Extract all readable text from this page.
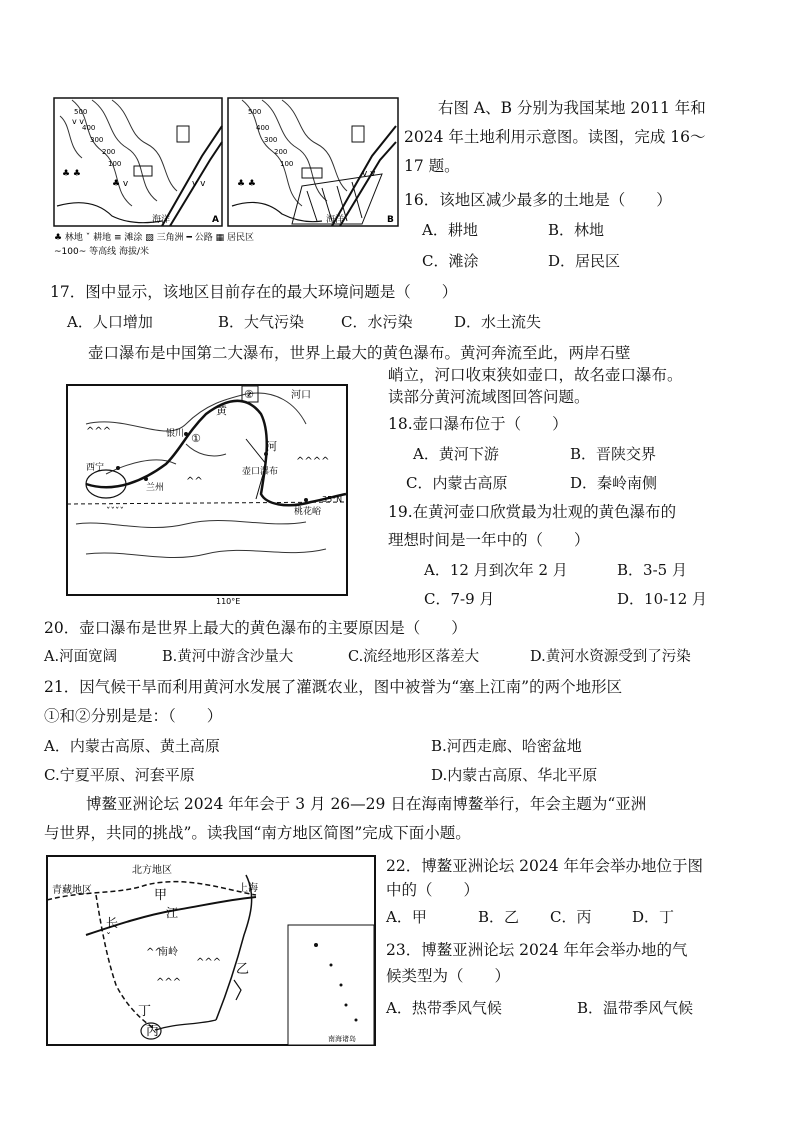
v v
v v
♣ v
♣ ♣
500
400
300
200
100
海洋	A
v v
♣ ♣
500
400
300
200
100
海洋	B
♣ 林地 ˇ 耕地 ≡ 滩涂 ▨ 三角洲 ━ 公路 ▦ 居民区
~100~ 等高线 海拔/米
右图 A、B 分别为我国某地 2011 年和
2024 年土地利用示意图。读图，完成 16～
17 题。
16．该地区减少最多的土地是（　　）
A．耕地	B．林地
C．滩涂	D．居民区
17．图中显示，该地区目前存在的最大环境问题是（　　）
A．人口增加	B．大气污染 C．水污染	D．水土流失
壶口瀑布是中国第二大瀑布，世界上最大的黄色瀑布。黄河奔流至此，两岸石壁
峭立，河口收束狭如壶口，故名壶口瀑布。
读部分黄河流域图回答问题。
^^^^
^^^
^^
ˇˇˇˇ
河口
②
黄
河
银川
西宁
兰州
壶口瀑布
桃花峪
35°N
110°E
①
18.壶口瀑布位于（　　）
A．黄河下游	B．晋陕交界
C．内蒙古高原	D．秦岭南侧
19.在黄河壶口欣赏最为壮观的黄色瀑布的
理想时间是一年中的（　　）
A．12 月到次年 2 月	B．3-5 月
C．7-9 月	D．10-12 月
20．壶口瀑布是世界上最大的黄色瀑布的主要原因是（　　）
A.河面宽阔	B.黄河中游含沙量大	C.流经地形区落差大	D.黄河水资源受到了污染
21．因气候干旱而利用黄河水发展了灌溉农业，图中被誉为“塞上江南”的两个地形区
①和②分别是是：（　　）
A．内蒙古高原、黄土高原	B.河西走廊、哈密盆地
C.宁夏平原、河套平原	D.内蒙古高原、华北平原
博鳌亚洲论坛 2024 年年会于 3 月 26—29 日在海南博鳌举行，年会主题为“亚洲
与世界，共同的挑战”。读我国“南方地区简图”完成下面小题。
^^
^^^
^^^
ˇ
北方地区
青藏地区	上海
甲
乙
丙
丁
长
江
南岭
南海诸岛
22．博鳌亚洲论坛 2024 年年会举办地位于图
中的（　　）
A．甲	B．乙 C．丙	D．丁
23．博鳌亚洲论坛 2024 年年会举办地的气
候类型为（　　）
A．热带季风气候	B．温带季风气候
